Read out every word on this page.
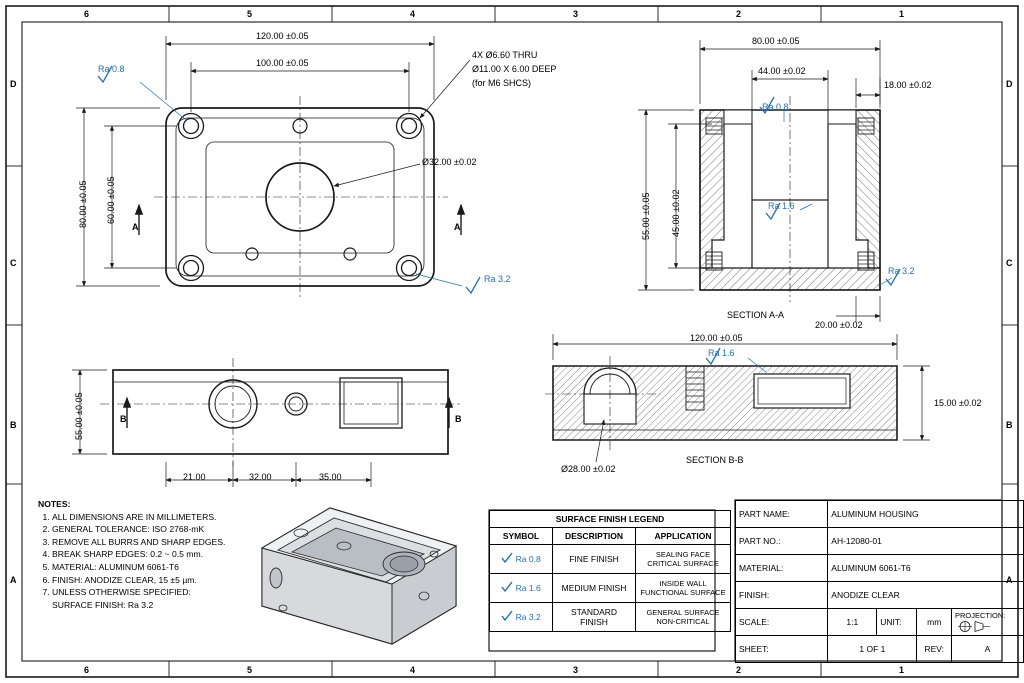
6	5	4	3	2	1
6	5	4	3	2	1
D
C
B
A
D
C
B
A
120.00 ±0.05
100.00 ±0.05
80.00 ±0.05 60.00 ±0.05
4X Ø6.60 THRU
Ø11.00 X 6.00 DEEP
(for M6 SHCS)
Ø32.00 ±0.02
Ra 0.8
Ra 3.2
A	A
55.00 ±0.05
21.00	32.00	35.00
B	B
80.00 ±0.05
44.00 ±0.02
18.00 ±0.02
55.00 ±0.05 45.00 ±0.02
20.00 ±0.02
Ra 0.8
Ra 1.6
Ra 3.2
SECTION A-A
120.00 ±0.05
15.00 ±0.02
Ø28.00 ±0.02
Ra 1.6
SECTION B-B
NOTES:
1. ALL DIMENSIONS ARE IN MILLIMETERS.
2. GENERAL TOLERANCE: ISO 2768-mK
3. REMOVE ALL BURRS AND SHARP EDGES.
4. BREAK SHARP EDGES: 0.2 ~ 0.5 mm.
5. MATERIAL: ALUMINUM 6061-T6
6. FINISH: ANODIZE CLEAR, 15 ±5 µm.
7. UNLESS OTHERWISE SPECIFIED:
SURFACE FINISH: Ra 3.2
SURFACE FINISH LEGEND		
SYMBOL	DESCRIPTION	APPLICATION
Ra 0.8	FINE FINISH	SEALING FACE
CRITICAL SURFACE

Ra 1.6	MEDIUM FINISH	INSIDE WALL
FUNCTIONAL SURFACE

Ra 3.2	STANDARD FINISH	GENERAL SURFACE
NON-CRITICAL
PART NAME:	ALUMINUM HOUSING			
PART NO.:	AH-12080-01			
MATERIAL:	ALUMINUM 6061-T6			
FINISH:	ANODIZE CLEAR			
SCALE:	1:1	UNIT:	mm	PROJECTION:
SHEET:	1 OF 1		REV:	A
